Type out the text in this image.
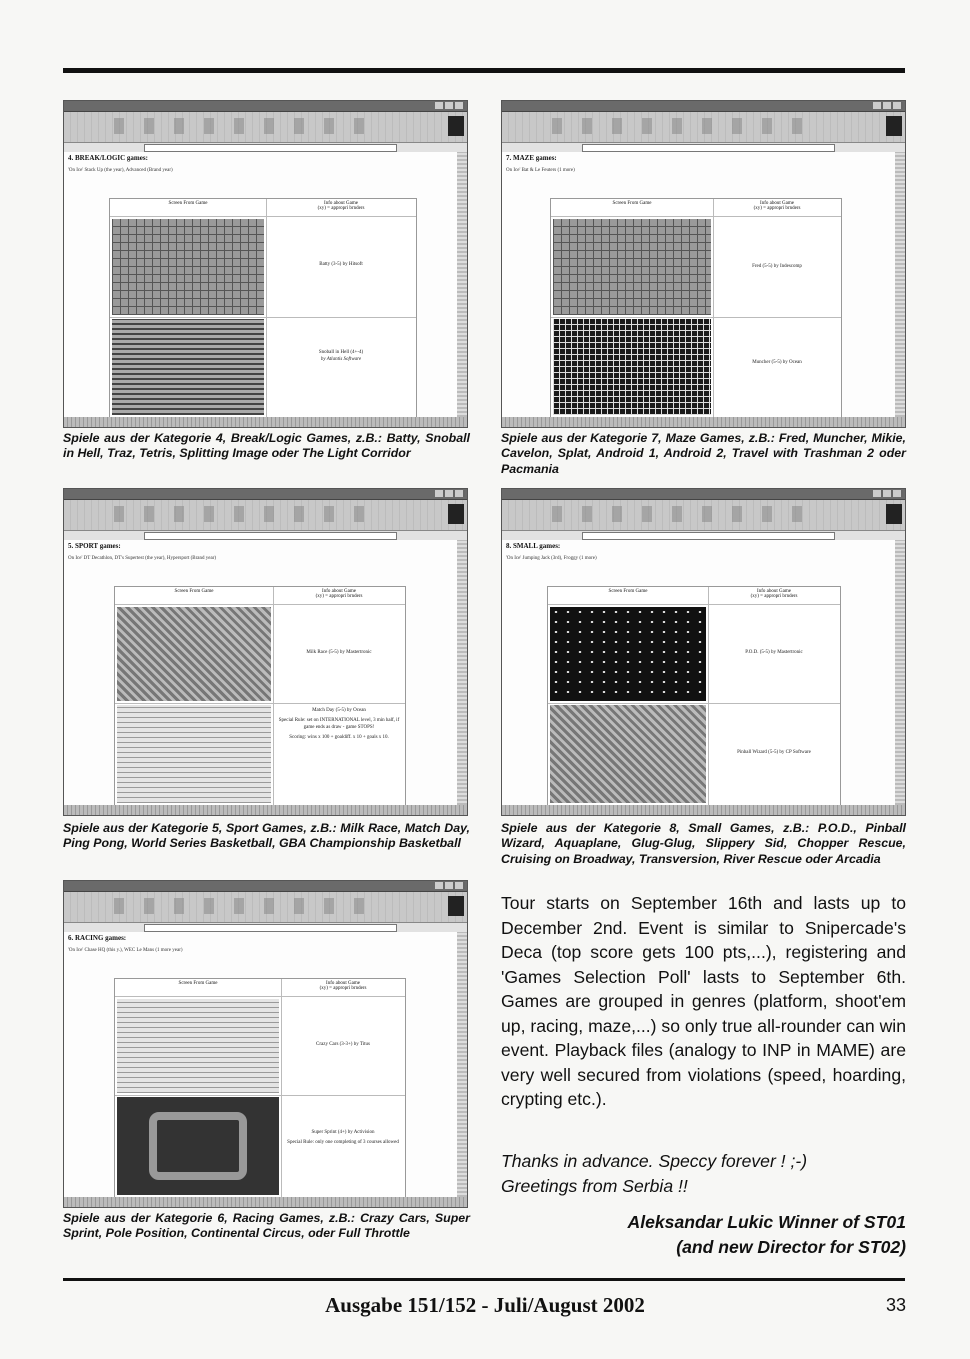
4. BREAK/LOGIC games:
'On Ice' Stack Up (the year), Advanced (Brand year)
Screen From Game	Info about Game
(xy) = appropri brnders
Batty (3-5) by Hitsoft
Snoball in Hell (4+-4)
by Atlantis Software
Spiele aus der Kategorie 4, Break/Logic Games, z.B.: Batty, Snoball in Hell, Traz, Tetris, Splitting Image oder The Light Corridor
7. MAZE games:
On Ice' Bat & Le Feuters (1 more)
Screen From Game	Info about Game
(xy) = appropri brnders
Fred (5-5) by Indescomp
Muncher (5-5) by Ocean
Spiele aus der Kategorie 7, Maze Games, z.B.: Fred, Muncher, Mikie, Cavelon, Splat, Android 1, Android 2, Travel with Trashman 2 oder Pacmania
5. SPORT games:
On Ice' DT Decathlon, DT's Supertest (the year), Hypersport (Brand year)
Screen From Game	Info about Game
(xy) = appropri brnders
Milk Race (5-5) by Mastertronic
Match Day (5-5) by Ocean
Special Rule: set on INTERNATIONAL level, 3 min half, if game ends as draw - game STOPS!
Scoring: wins x 100 + goaldiff. x 10 + goals x 10.
Spiele aus der Kategorie 5, Sport Games, z.B.: Milk Race, Match Day, Ping Pong, World Series Basketball, GBA Championship Basketball
8. SMALL games:
'On Ice' Jumping Jack (3rd), Froggy (1 more)
Screen From Game	Info about Game
(xy) = appropri brnders
P.O.D. (5-5) by Mastertronic
Pinball Wizard (5-5) by CP Software
Spiele aus der Kategorie 8, Small Games, z.B.: P.O.D., Pinball Wizard, Aquaplane, Glug-Glug, Slippery Sid, Chopper Rescue, Cruising on Broadway, Transversion, River Rescue oder Arcadia
6. RACING games:
'On Ice' Chase HQ (this y.), WEC Le Mans (1 more year)
Screen From Game	Info about Game
(xy) = appropri brnders
Crazy Cars (3-3+) by Titus
Super Sprint (4+) by Activision
Special Rule: only one completing of 3 courses allowed
Spiele aus der Kategorie 6, Racing Games, z.B.: Crazy Cars, Super Sprint, Pole Position, Continental Circus, oder Full Throttle
Tour starts on September 16th and lasts up to December 2nd. Event is similar to Snipercade's Deca (top score gets 100 pts,...), registering and 'Games Selection Poll' lasts to September 6th. Games are grouped in genres (platform, shoot'em up, racing, maze,...) so only true all-rounder can win event. Playback files (analogy to INP in MAME) are very well secured from violations (speed, hoarding, crypting etc.).
Thanks in advance. Speccy forever ! ;-)
Greetings from Serbia !!
Aleksandar Lukic Winner of ST01
(and new Director for ST02)
Ausgabe 151/152 - Juli/August 2002	33
